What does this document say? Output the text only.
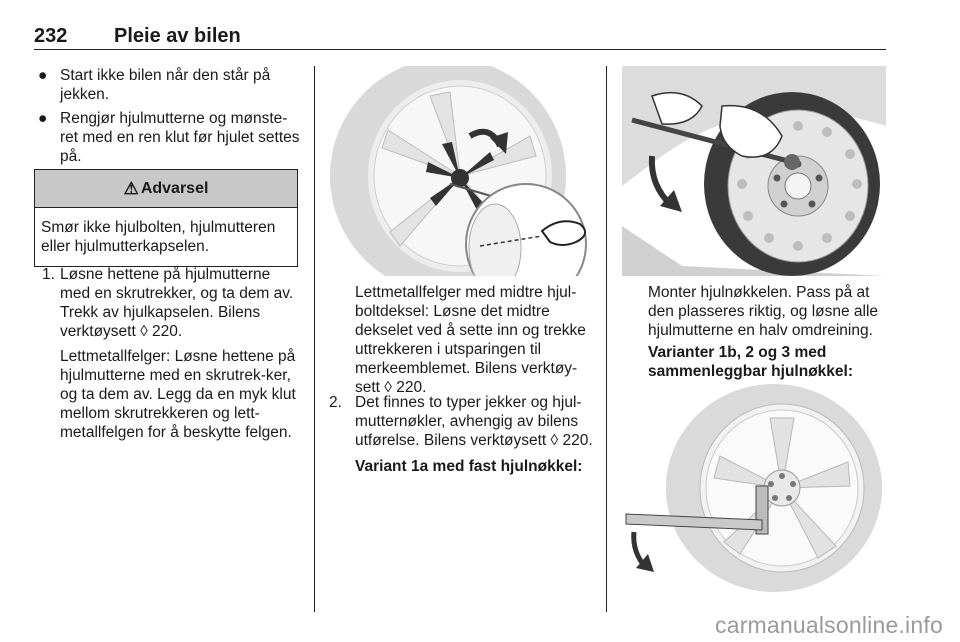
232 Pleie av bilen
● Start ikke bilen når den står på jekken.
● Rengjør hjulmutterne og mønste-ret med en ren klut før hjulet settes på.
⚠ Advarsel
Smør ikke hjulbolten, hjulmutteren eller hjulmutterkapselen.
1. Løsne hettene på hjulmutterne med en skrutrekker, og ta dem av. Trekk av hjulkapselen. Bilens verktøysett ◊ 220.
Lettmetallfelger: Løsne hettene på hjulmutterne med en skrutrek-ker, og ta dem av. Legg da en myk klut mellom skrutrekkeren og lett-metallfelgen for å beskytte felgen.
Lettmetallfelger med midtre hjul-boltdeksel: Løsne det midtre dekselet ved å sette inn og trekke uttrekkeren i utsparingen til merkeemblemet. Bilens verktøy-sett ◊ 220.
2. Det finnes to typer jekker og hjul-mutternøkler, avhengig av bilens utførelse. Bilens verktøysett ◊ 220.
Variant 1a med fast hjulnøkkel:
Monter hjulnøkkelen. Pass på at den plasseres riktig, og løsne alle hjulmutterne en halv omdreining.
Varianter 1b, 2 og 3 med sammenleggbar hjulnøkkel:
carmanualsonline.info
